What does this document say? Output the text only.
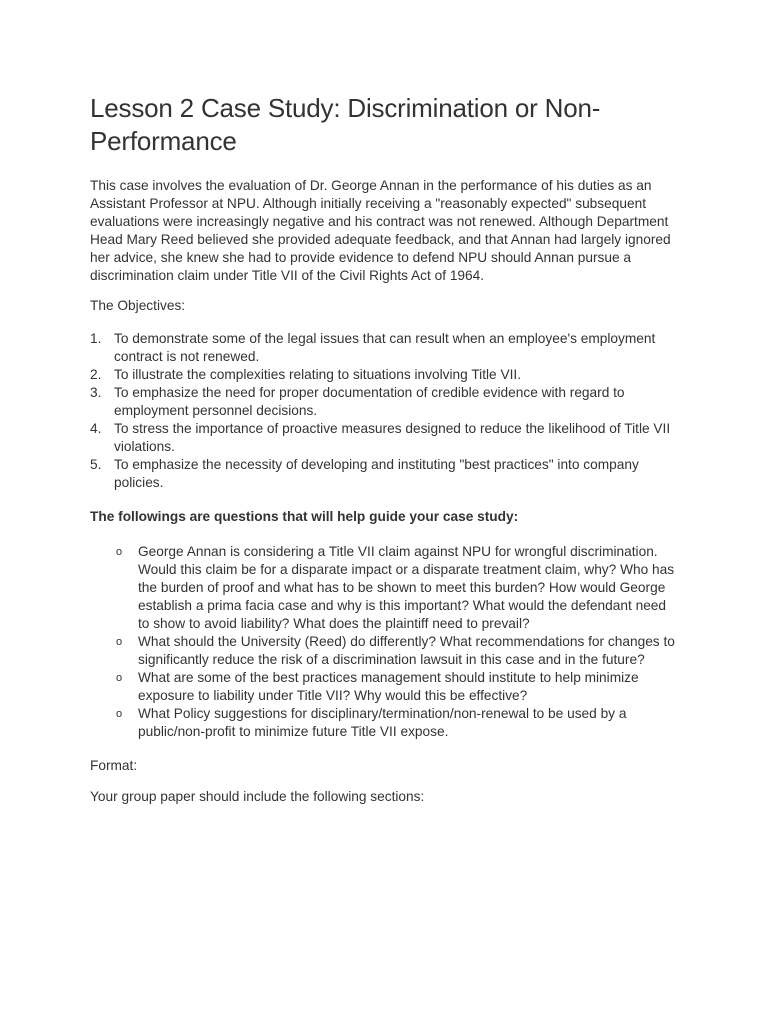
Lesson 2 Case Study: Discrimination or Non-Performance

This case involves the evaluation of Dr. George Annan in the performance of his duties as an Assistant Professor at NPU. Although initially receiving a "reasonably expected" subsequent evaluations were increasingly negative and his contract was not renewed. Although Department Head Mary Reed believed she provided adequate feedback, and that Annan had largely ignored her advice, she knew she had to provide evidence to defend NPU should Annan pursue a discrimination claim under Title VII of the Civil Rights Act of 1964.

The Objectives:

1. To demonstrate some of the legal issues that can result when an employee's employment contract is not renewed.
2. To illustrate the complexities relating to situations involving Title VII.
3. To emphasize the need for proper documentation of credible evidence with regard to employment personnel decisions.
4. To stress the importance of proactive measures designed to reduce the likelihood of Title VII violations.
5. To emphasize the necessity of developing and instituting "best practices" into company policies.

The followings are questions that will help guide your case study:

o George Annan is considering a Title VII claim against NPU for wrongful discrimination. Would this claim be for a disparate impact or a disparate treatment claim, why? Who has the burden of proof and what has to be shown to meet this burden? How would George establish a prima facia case and why is this important? What would the defendant need to show to avoid liability? What does the plaintiff need to prevail?
o What should the University (Reed) do differently? What recommendations for changes to significantly reduce the risk of a discrimination lawsuit in this case and in the future?
o What are some of the best practices management should institute to help minimize exposure to liability under Title VII? Why would this be effective?
o What Policy suggestions for disciplinary/termination/non-renewal to be used by a public/non-profit to minimize future Title VII expose.

Format:

Your group paper should include the following sections:
